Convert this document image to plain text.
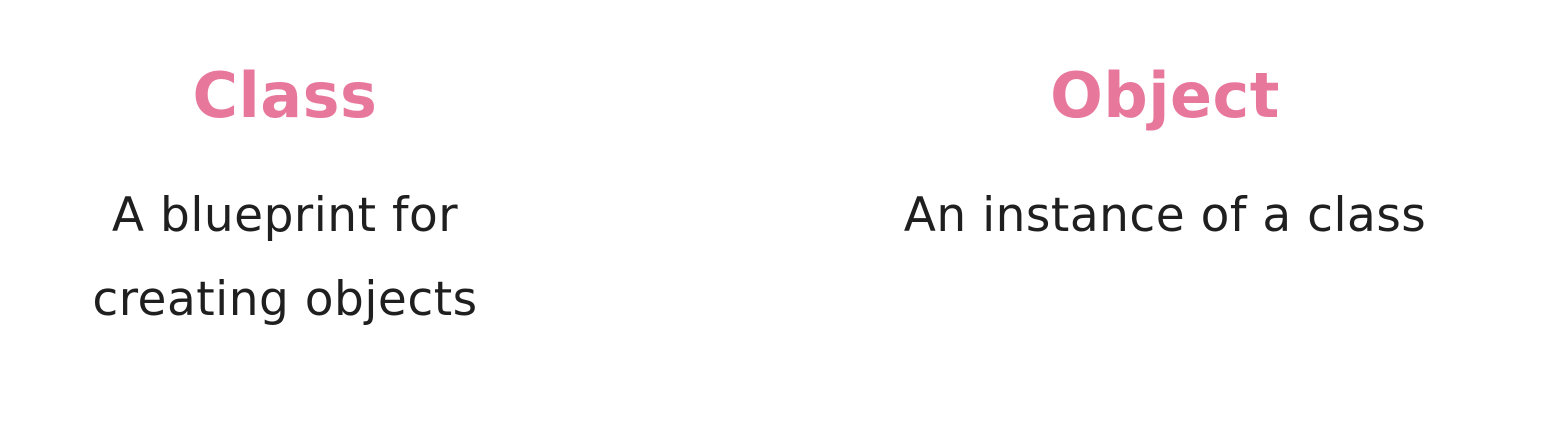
Class

A blueprint for
creating objects

Object

An instance of a class
